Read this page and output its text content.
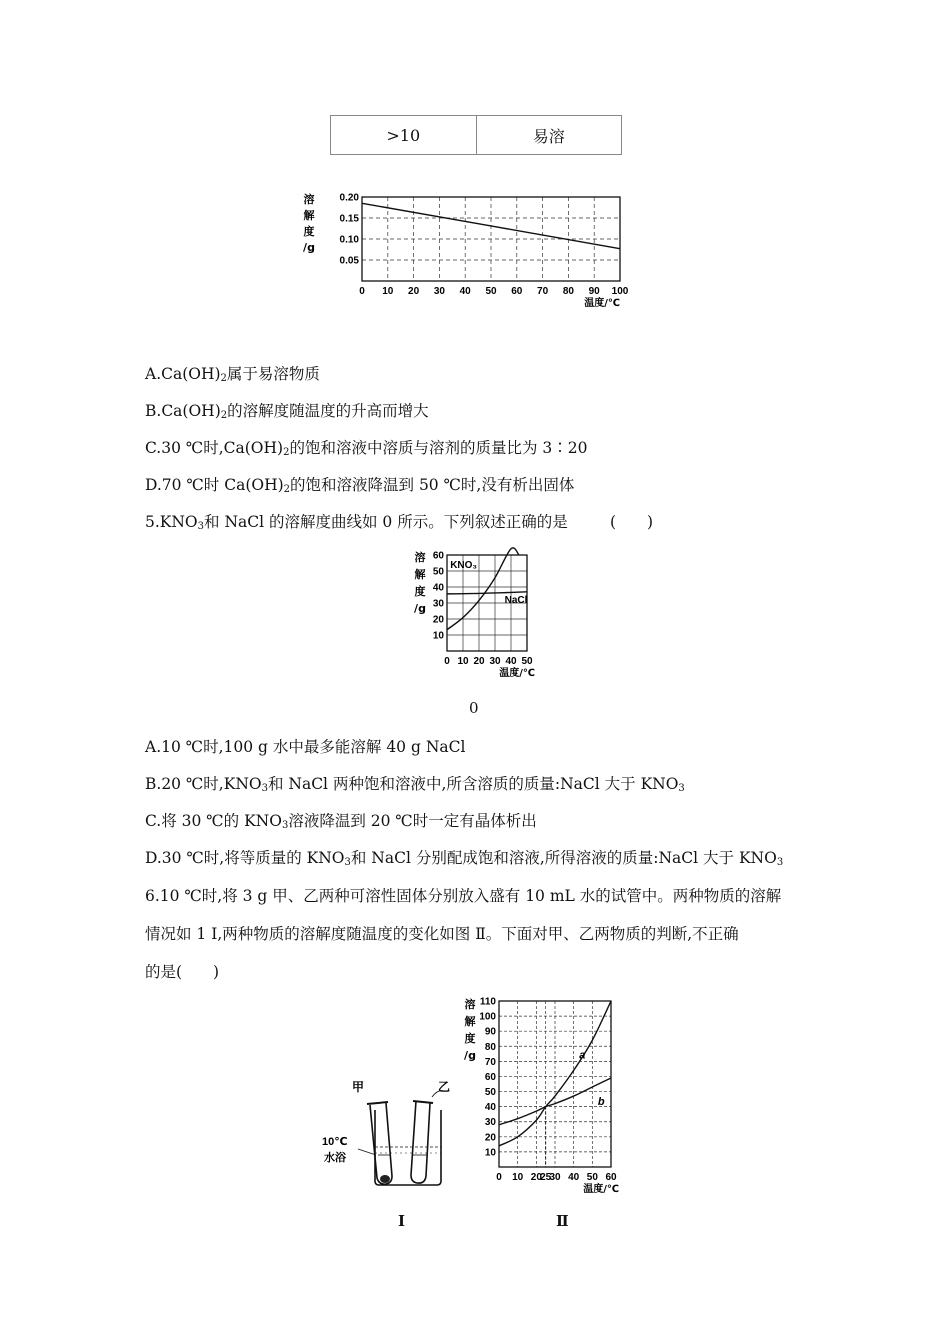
>10	易溶
0 10 20 30 40 50 60 70 80 90 100
0.20
0.15
0.10
0.05
溶
解
度
/g
温度/℃
$A.Ca(OH)_2$属于易溶物质
$B.Ca(OH)_2$的溶解度随温度的升高而增大
C.30 ℃时$,Ca(OH)_2$的饱和溶液中溶质与溶剂的质量比为 3∶20
D.70 ℃时 $Ca(OH)_2$的饱和溶液降温到 50 ℃时,没有析出固体
$5.KNO_3$和 NaCl 的溶解度曲线如 0 所示。下列叙述正确的是	(　　)
0 10 20 30 40 50
60
50
40
30
20
10
溶
解
度
/g
温度/℃
KNO₃
NaCl
0
A.10 ℃时,100 g 水中最多能溶解 40 g NaCl
B.20 ℃时$,KNO_3$和 NaCl 两种饱和溶液中,所含溶质的质量:NaCl 大于 $KNO_3$
C.将 30 ℃的 $KNO_3$溶液降温到 20 ℃时一定有晶体析出
D.30 ℃时,将等质量的 $KNO_3$和 NaCl 分别配成饱和溶液,所得溶液的质量:NaCl 大于 $KNO_3$
6.10 ℃时,将 3 g 甲、乙两种可溶性固体分别放入盛有 10 mL 水的试管中。两种物质的溶解
情况如 1 Ⅰ,两种物质的溶解度随温度的变化如图 Ⅱ。下面对甲、乙两物质的判断,不正确
的是(　　)
甲	乙
10℃
水浴
Ⅰ
0 10 20
25
30 40 50 60
110
100
90
80
70
60
50
40
30
20
10
溶
解
度
/g
温度/℃
a
b
Ⅱ
